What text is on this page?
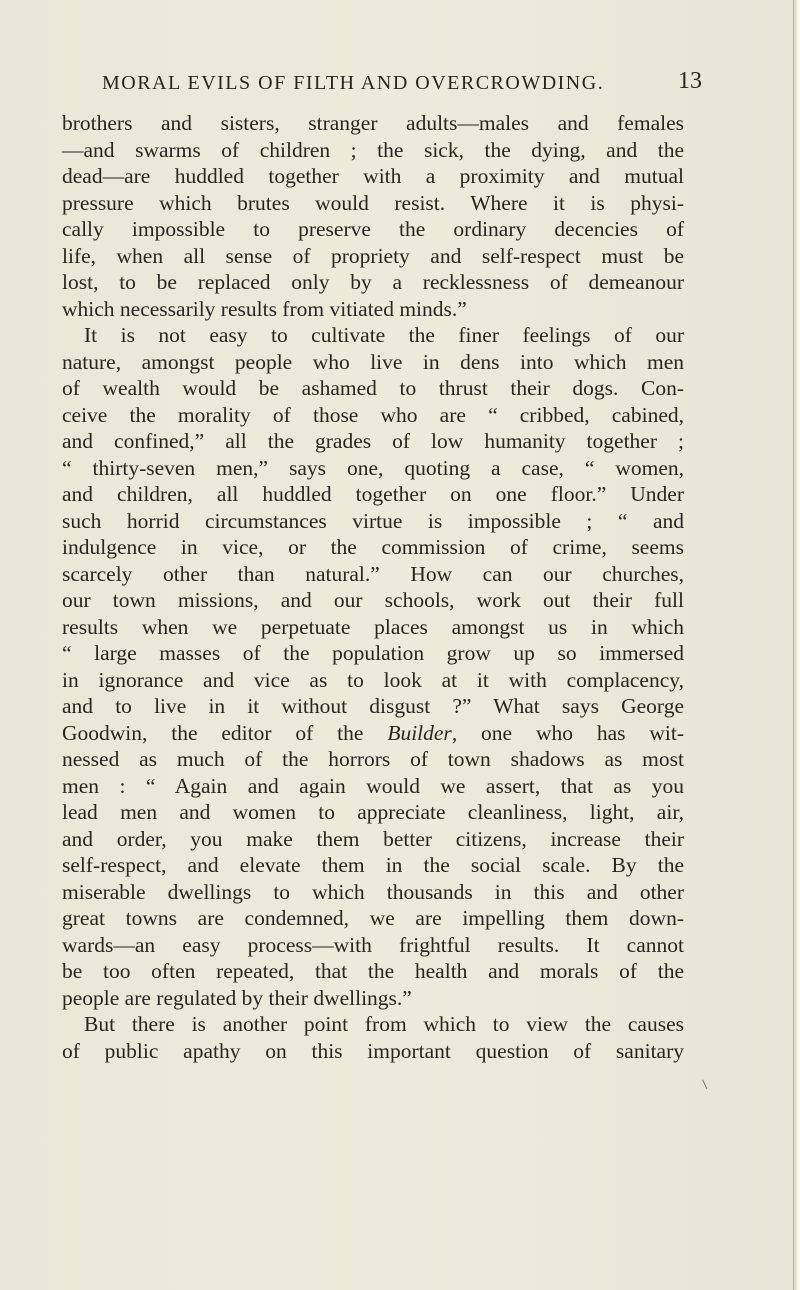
MORAL EVILS OF FILTH AND OVERCROWDING.	13
brothers and sisters, stranger adults—males and females
—and swarms of children ; the sick, the dying, and the
dead—are huddled together with a proximity and mutual
pressure which brutes would resist. Where it is physi-
cally impossible to preserve the ordinary decencies of
life, when all sense of propriety and self-respect must be
lost, to be replaced only by a recklessness of demeanour
which necessarily results from vitiated minds.”
It is not easy to cultivate the finer feelings of our
nature, amongst people who live in dens into which men
of wealth would be ashamed to thrust their dogs. Con-
ceive the morality of those who are “ cribbed, cabined,
and confined,” all the grades of low humanity together ;
“ thirty-seven men,” says one, quoting a case, “ women,
and children, all huddled together on one floor.” Under
such horrid circumstances virtue is impossible ; “ and
indulgence in vice, or the commission of crime, seems
scarcely other than natural.” How can our churches,
our town missions, and our schools, work out their full
results when we perpetuate places amongst us in which
“ large masses of the population grow up so immersed
in ignorance and vice as to look at it with complacency,
and to live in it without disgust ?” What says George
Goodwin, the editor of the Builder, one who has wit-
nessed as much of the horrors of town shadows as most
men : “ Again and again would we assert, that as you
lead men and women to appreciate cleanliness, light, air,
and order, you make them better citizens, increase their
self-respect, and elevate them in the social scale. By the
miserable dwellings to which thousands in this and other
great towns are condemned, we are impelling them down-
wards—an easy process—with frightful results. It cannot
be too often repeated, that the health and morals of the
people are regulated by their dwellings.”
But there is another point from which to view the causes
of public apathy on this important question of sanitary
